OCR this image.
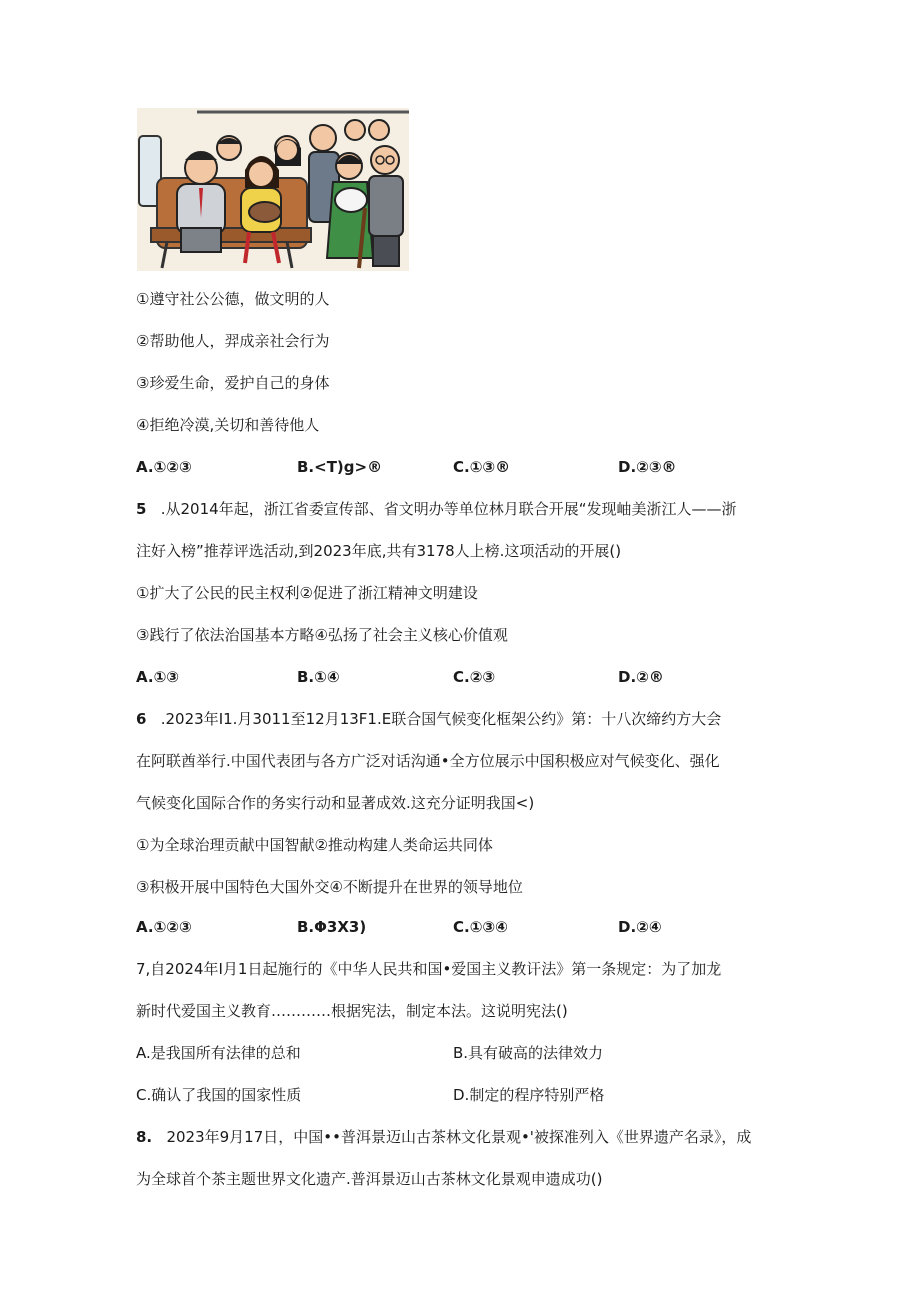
①遵守社公公德，做文明的人
②帮助他人，羿成亲社会行为
③珍爱生命，爱护自己的身体
④拒绝冷漠,关切和善待他人
A.①②③	B.<T)g>®	C.①③®	D.②③®
5 .从2014年起，浙江省委宣传部、省文明办等单位林月联合开展“发现岫美浙江人——浙
注好入榜”推荐评选活动,到2023年底,共有3178人上榜.这项活动的开展()
①扩大了公民的民主权利②促进了浙江精神文明建设
③践行了依法治国基本方略④弘扬了社会主义核心价值观
A.①③	B.①④	C.②③	D.②®
6 .2023年I1.月3011至12月13F1.E联合国气候变化框架公约》第：十八次缔约方大会
在阿联酋举行.中国代表团与各方广泛对话沟通•全方位展示中国积极应对气候变化、强化
气候变化国际合作的务实行动和显著成效.这充分证明我国<)
①为全球治理贡献中国智献②推动构建人类命运共同体
③积极开展中国特色大国外交④不断提升在世界的领导地位
A.①②③	B.Φ3X3)	C.①③④	D.②④
7,自2024年I月1日起施行的《中华人民共和国•爱国主义教讦法》第一条规定：为了加龙
新时代爱国主义教育…………根据宪法，制定本法。这说明宪法()
A.是我国所有法律的总和	B.具有破高的法律效力
C.确认了我国的国家性质	D.制定的程序特别严格
8. 2023年9月17日，中国••普洱景迈山古茶林文化景观•'被探准列入《世界遗产名录》，成
为全球首个茶主题世界文化遗产.普洱景迈山古茶林文化景观申遗成功()
